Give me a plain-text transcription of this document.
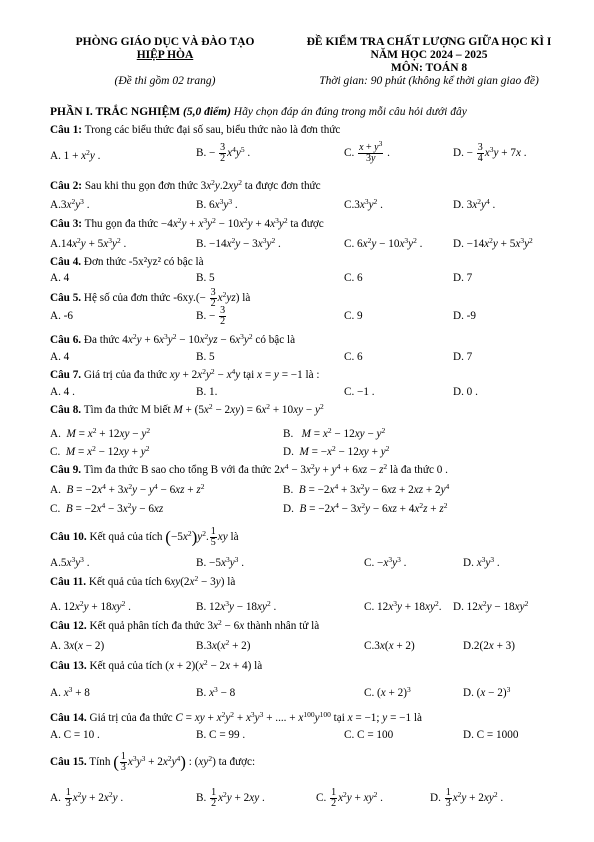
PHÒNG GIÁO DỤC VÀ ĐÀO TẠO
HIỆP HÒA
(Đề thi gồm 02 trang)
ĐỀ KIỂM TRA CHẤT LƯỢNG GIỮA HỌC KÌ I
NĂM HỌC 2024 – 2025
MÔN: TOÁN 8
Thời gian: 90 phút (không kể thời gian giao đề)
PHẦN I. TRẮC NGHIỆM (5,0 điểm) Hãy chọn đáp án đúng trong mỗi câu hỏi dưới đây
Câu 1: Trong các biểu thức đại số sau, biểu thức nào là đơn thức
A. $1 + x^2y$ .	B. − $\frac{3}{2} x^4y^5$ .	C. $\frac{x + y^3}{3y}$ .	D. − $\frac{3}{4} x^3y + 7x$ .
Câu 2: Sau khi thu gọn đơn thức $3x^2y.2xy^2$ ta được đơn thức
$A.3x^2y^3$ .	B. $6x^3y^3$ .	$C.3x^3y^2$ .	D. $3x^2y^4$ .
Câu 3: Thu gọn đa thức $-4x^2y + x^3y^2 - 10x^2y + 4x^3y^2$ ta được
$A.14x^2y + 5x^3y^2$ .	B. $-14x^2y - 3x^3y^2$ .	C. $6x^2y - 10x^3y^2$ .	D. $-14x^2y + 5x^3y^2$
Câu 4. Đơn thức -5x²yz² có bậc là
A. 4	B. 5	C. 6	D. 7
Câu 5. Hệ số của đơn thức $-6xy.(- \frac{3}{2} x^2yz)$ là
A. -6	B. − $\frac{3}{2}$	C. 9	D. -9
Câu 6. Đa thức $4x^2y + 6x^3y^2 - 10x^2yz - 6x^3y^2$ có bậc là
A. 4	B. 5	C. 6	D. 7
Câu 7. Giá trị của đa thức xy + $2x^2y^2 - x^4y$ tại x = y = −1 là :
A. 4 .	B. 1.	C. −1 .	D. 0 .
Câu 8. Tìm đa thức M biết $M + (5x^2 - 2xy) = 6x^2 + 10xy - y^2$
A.  $M = x^2 + 12xy - y^2$	B.   $M = x^2 - 12xy - y^2$
C.  $M = x^2 - 12xy + y^2$	D.  $M = -x^2 - 12xy + y^2$
Câu 9. Tìm đa thức B sao cho tổng B với đa thức $2x^4 - 3x^2y + y^4 + 6xz - z^2$ là đa thức 0 .
A.  $B = -2x^4 + 3x^2y - y^4 - 6xz + z^2$	B.  $B = -2x^4 + 3x^2y - 6xz + 2xz + 2y^4$
C.  $B = -2x^4 - 3x^2y - 6xz$	D.  $B = -2x^4 - 3x^2y - 6xz + 4x^2z + z^2$
Câu 10. Kết quả của tích $(-5x^2)y^2$. $\frac{1}{5}$ xy là
$A.5x^3y^3$ .	B. $-5x^3y^3$ .	C. $-x^3y^3$ .	D. $x^3y^3$ .
Câu 11. Kết quả của tích $6xy(2x^2 - 3y)$ là
A. $12x^2y + 18xy^2$ .	B. $12x^3y - 18xy^2$ .	C. $12x^3y + 18xy^2$. D. $12x^2y - 18xy^2$
Câu 12. Kết quả phân tích đa thức $3x^2 - 6x$ thành nhân tử là
A. 3x(x − 2)	$B.3x(x^2 + 2)$	C.3x(x + 2)	D.2(2x + 3)
Câu 13. Kết quả của tích $(x + 2)(x^2 - 2x + 4)$ là
A. $x^3 + 8$	B. $x^3 - 8$	C. $(x + 2)^3$	D. $(x - 2)^3$
Câu 14. Giá trị của đa thức C = xy + $x^2y^2 + x^3y^3$ + .... + $x^{100}y^{100}$ tại x = −1; y = −1 là
A. C = 10 .	B. C = 99 .	C. C = 100	D. C = 1000
Câu 15. Tính ( $\frac{1}{3} x^3y^3 + 2x^2y^4$) : $(xy^2)$ ta được:
A. $\frac{1}{3} x^2y + 2x^2y$ .	B. $\frac{1}{2} x^2y + 2xy$ .	C. $\frac{1}{2} x^2y + xy^2$ .	D. $\frac{1}{3} x^2y + 2xy^2$ .
